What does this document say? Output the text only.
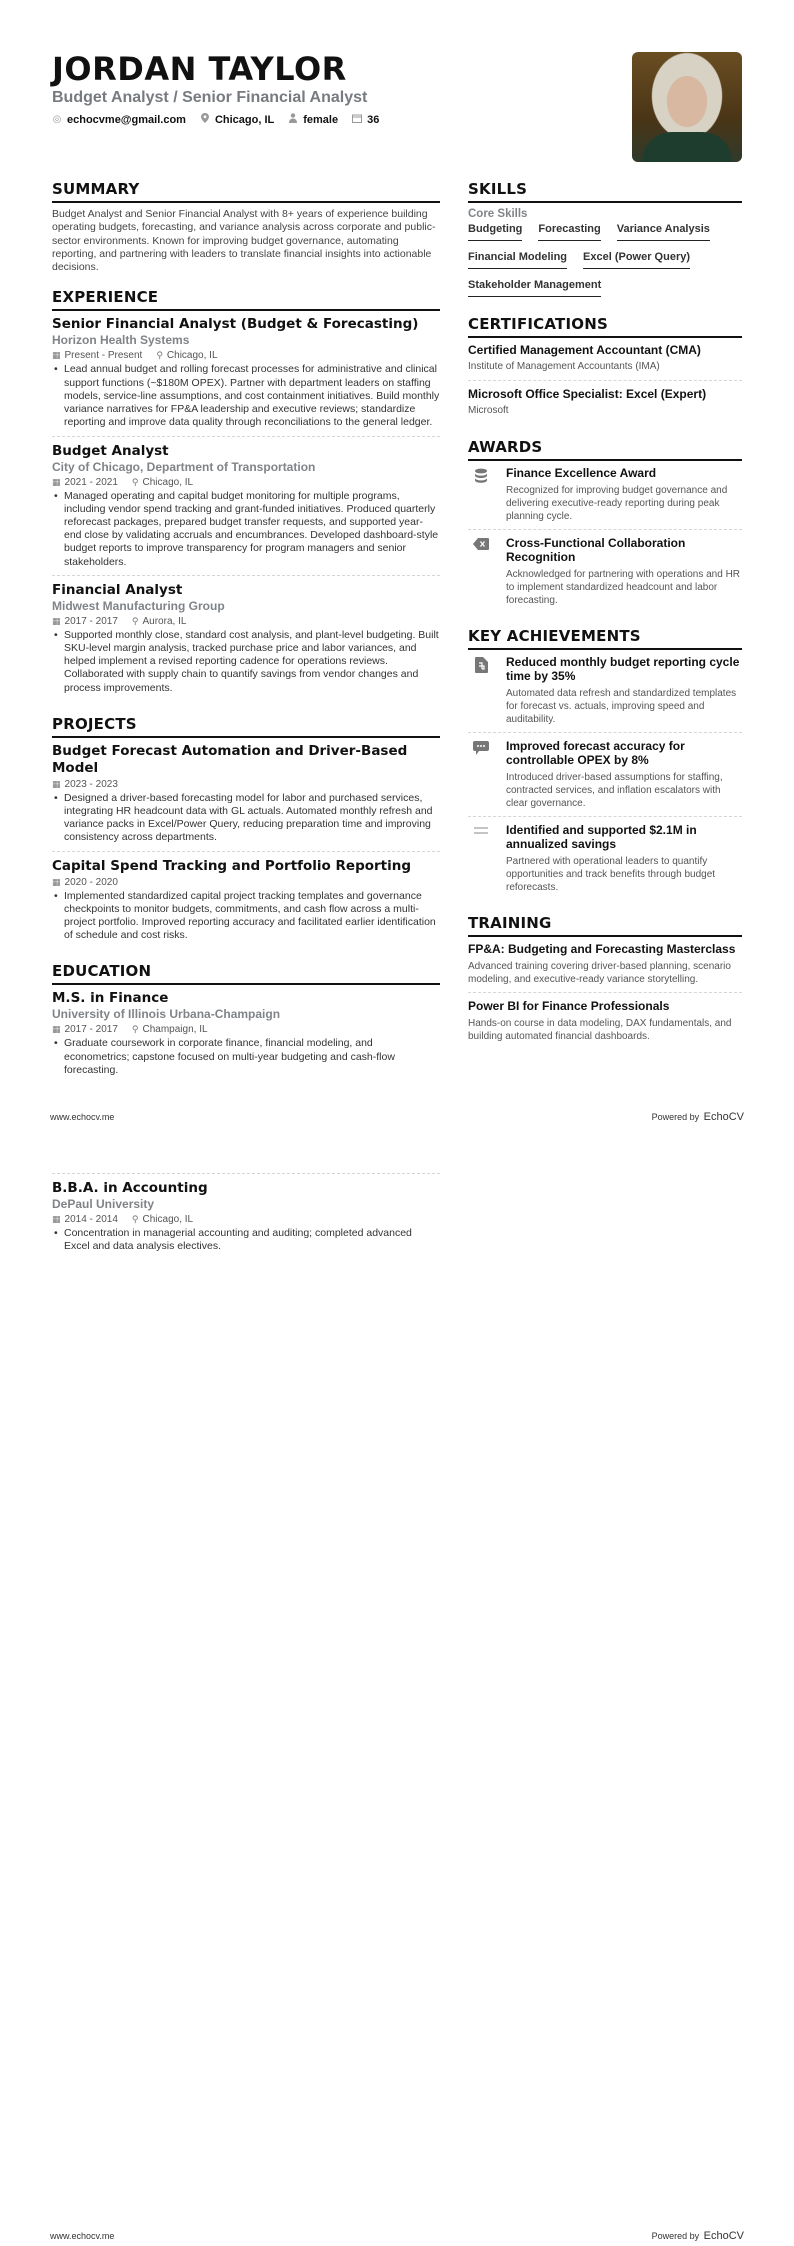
JORDAN TAYLOR
Budget Analyst / Senior Financial Analyst
◎ echocvme@gmail.com	Chicago, IL	female	36
SUMMARY
Budget Analyst and Senior Financial Analyst with 8+ years of experience building operating budgets, forecasting, and variance analysis across corporate and public-sector environments. Known for improving budget governance, automating reporting, and partnering with leaders to translate financial insights into actionable decisions.
EXPERIENCE
Senior Financial Analyst (Budget & Forecasting)
Horizon Health Systems
▦ Present - Present ⚲ Chicago, IL
• Lead annual budget and rolling forecast processes for administrative and clinical support functions (~$180M OPEX). Partner with department leaders on staffing models, service-line assumptions, and cost containment initiatives. Build monthly variance narratives for FP&A leadership and executive reviews; standardize reporting and improve data quality through reconciliations to the general ledger.
Budget Analyst
City of Chicago, Department of Transportation
▦ 2021 - 2021 ⚲ Chicago, IL
• Managed operating and capital budget monitoring for multiple programs, including vendor spend tracking and grant-funded initiatives. Produced quarterly reforecast packages, prepared budget transfer requests, and supported year-end close by validating accruals and encumbrances. Developed dashboard-style budget reports to improve transparency for program managers and senior stakeholders.
Financial Analyst
Midwest Manufacturing Group
▦ 2017 - 2017 ⚲ Aurora, IL
• Supported monthly close, standard cost analysis, and plant-level budgeting. Built SKU-level margin analysis, tracked purchase price and labor variances, and helped implement a revised reporting cadence for operations reviews. Collaborated with supply chain to quantify savings from vendor changes and process improvements.
PROJECTS
Budget Forecast Automation and Driver-Based Model
▦ 2023 - 2023
• Designed a driver-based forecasting model for labor and purchased services, integrating HR headcount data with GL actuals. Automated monthly refresh and variance packs in Excel/Power Query, reducing preparation time and improving consistency across departments.
Capital Spend Tracking and Portfolio Reporting
▦ 2020 - 2020
• Implemented standardized capital project tracking templates and governance checkpoints to monitor budgets, commitments, and cash flow across a multi-project portfolio. Improved reporting accuracy and facilitated earlier identification of schedule and cost risks.
EDUCATION
M.S. in Finance
University of Illinois Urbana-Champaign
▦ 2017 - 2017 ⚲ Champaign, IL
• Graduate coursework in corporate finance, financial modeling, and econometrics; capstone focused on multi-year budgeting and cash-flow forecasting.
SKILLS
Core Skills
Budgeting Forecasting Variance Analysis
Financial Modeling Excel (Power Query)
Stakeholder Management
CERTIFICATIONS
Certified Management Accountant (CMA)
Institute of Management Accountants (IMA)
Microsoft Office Specialist: Excel (Expert)
Microsoft
AWARDS
Finance Excellence Award
Recognized for improving budget governance and delivering executive-ready reporting during peak planning cycle.
Cross-Functional Collaboration Recognition
Acknowledged for partnering with operations and HR to implement standardized headcount and labor forecasting.
KEY ACHIEVEMENTS
Reduced monthly budget reporting cycle time by 35%
Automated data refresh and standardized templates for forecast vs. actuals, improving speed and auditability.
Improved forecast accuracy for controllable OPEX by 8%
Introduced driver-based assumptions for staffing, contracted services, and inflation escalators with clear governance.
Identified and supported $2.1M in annualized savings
Partnered with operational leaders to quantify opportunities and track benefits through budget reforecasts.
TRAINING
FP&A: Budgeting and Forecasting Masterclass
Advanced training covering driver-based planning, scenario modeling, and executive-ready variance storytelling.
Power BI for Finance Professionals
Hands-on course in data modeling, DAX fundamentals, and building automated financial dashboards.
www.echocv.me	Powered by EchoCV
B.B.A. in Accounting
DePaul University
▦ 2014 - 2014 ⚲ Chicago, IL
• Concentration in managerial accounting and auditing; completed advanced Excel and data analysis electives.
www.echocv.me	Powered by EchoCV
